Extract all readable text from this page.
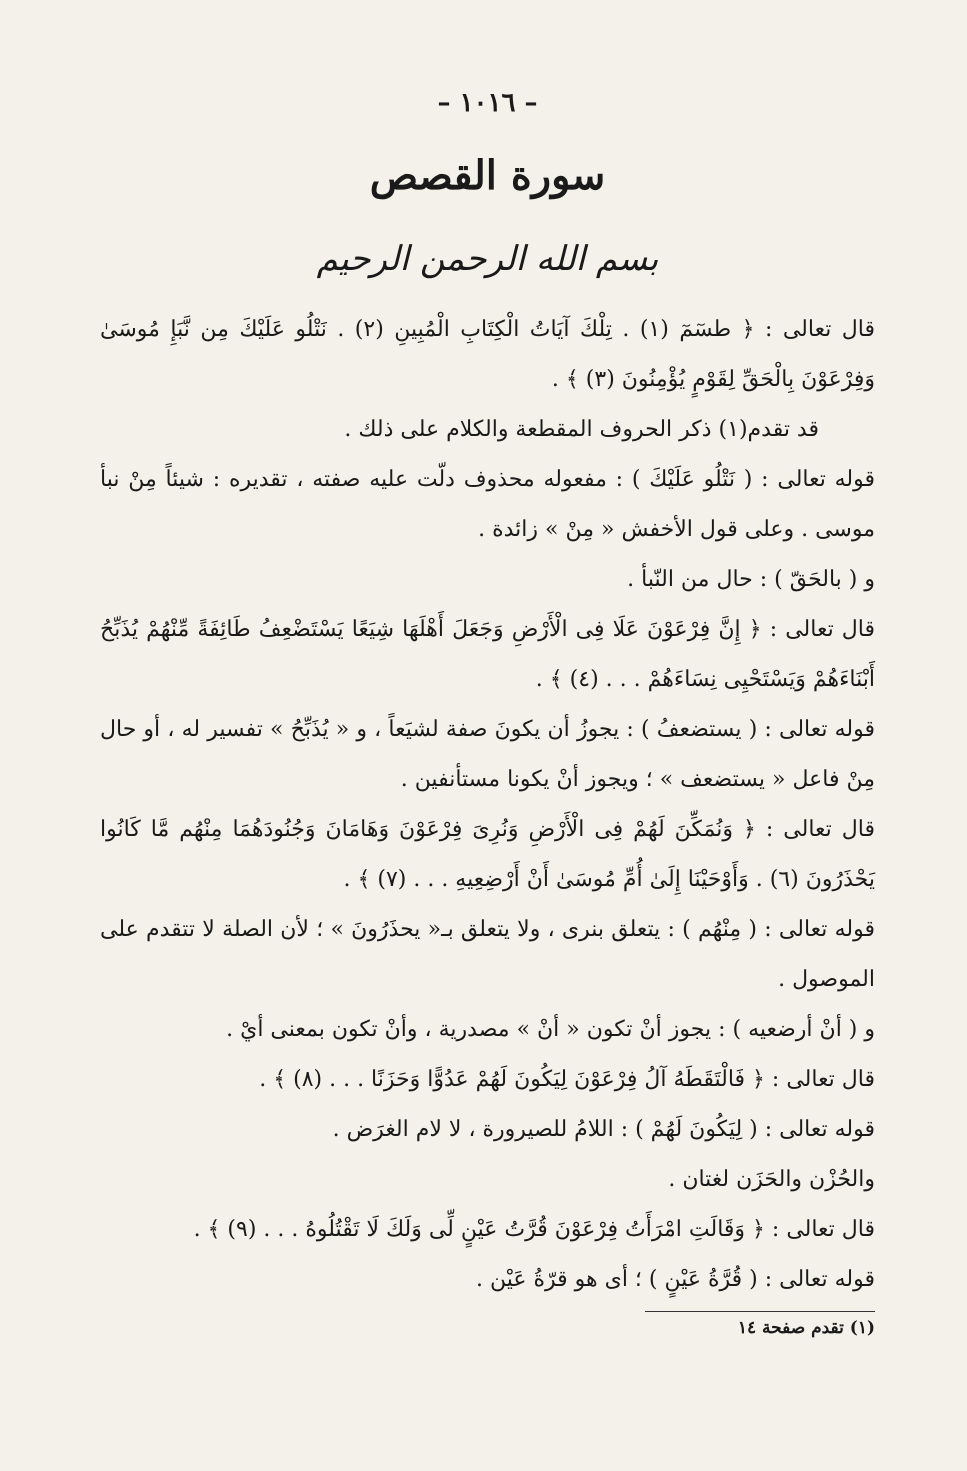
– ١٠١٦ –
سورة القصص
بسم الله الرحمن الرحيم
قال تعالى : ﴿ طسٓمٓ (١) . تِلْكَ آيَاتُ الْكِتَابِ الْمُبِينِ (٢) . نَتْلُو عَلَيْكَ مِن نَّبَإِ مُوسَىٰ وَفِرْعَوْنَ بِالْحَقِّ لِقَوْمٍ يُؤْمِنُونَ (٣) ﴾ .
قد تقدم(١) ذكر الحروف المقطعة والكلام على ذلك .
قوله تعالى : ( نَتْلُو عَلَيْكَ ) : مفعوله محذوف دلّت عليه صفته ، تقديره : شيئاً مِنْ نبأ موسى . وعلى قول الأخفش « مِنْ » زائدة .
و ( بالحَقّ ) : حال من النّبأ .
قال تعالى : ﴿ إِنَّ فِرْعَوْنَ عَلَا فِى الْأَرْضِ وَجَعَلَ أَهْلَهَا شِيَعًا يَسْتَضْعِفُ طَائِفَةً مِّنْهُمْ يُذَبِّحُ أَبْنَاءَهُمْ وَيَسْتَحْيِى نِسَاءَهُمْ . . . (٤) ﴾ .
قوله تعالى : ( يستضعفُ ) : يجوزُ أن يكونَ صفة لشيَعاً ، و « يُذَبِّحُ » تفسير له ، أو حال مِنْ فاعل « يستضعف » ؛ ويجوز أنْ يكونا مستأنفين .
قال تعالى : ﴿ وَنُمَكِّنَ لَهُمْ فِى الْأَرْضِ وَنُرِىَ فِرْعَوْنَ وَهَامَانَ وَجُنُودَهُمَا مِنْهُم مَّا كَانُوا يَحْذَرُونَ (٦) . وَأَوْحَيْنَا إِلَىٰ أُمِّ مُوسَىٰ أَنْ أَرْضِعِيهِ . . . (٧) ﴾ .
قوله تعالى : ( مِنْهُم ) : يتعلق بنرى ، ولا يتعلق بـ« يحذَرُونَ » ؛ لأن الصلة لا تتقدم على الموصول .
و ( أنْ أرضعيه ) : يجوز أنْ تكون « أنْ » مصدرية ، وأنْ تكون بمعنى أيْ .
قال تعالى : ﴿ فَالْتَقَطَهُ آلُ فِرْعَوْنَ لِيَكُونَ لَهُمْ عَدُوًّا وَحَزَنًا . . . (٨) ﴾ .
قوله تعالى : ( لِيَكُونَ لَهُمْ ) : اللامُ للصيرورة ، لا لام الغرَض .
والحُزْن والحَزَن لغتان .
قال تعالى : ﴿ وَقَالَتِ امْرَأَتُ فِرْعَوْنَ قُرَّتُ عَيْنٍ لِّى وَلَكَ لَا تَقْتُلُوهُ . . . (٩) ﴾ .
قوله تعالى : ( قُرَّةُ عَيْنٍ ) ؛ أى هو قرّةُ عَيْن .
(١) تقدم صفحة ١٤
